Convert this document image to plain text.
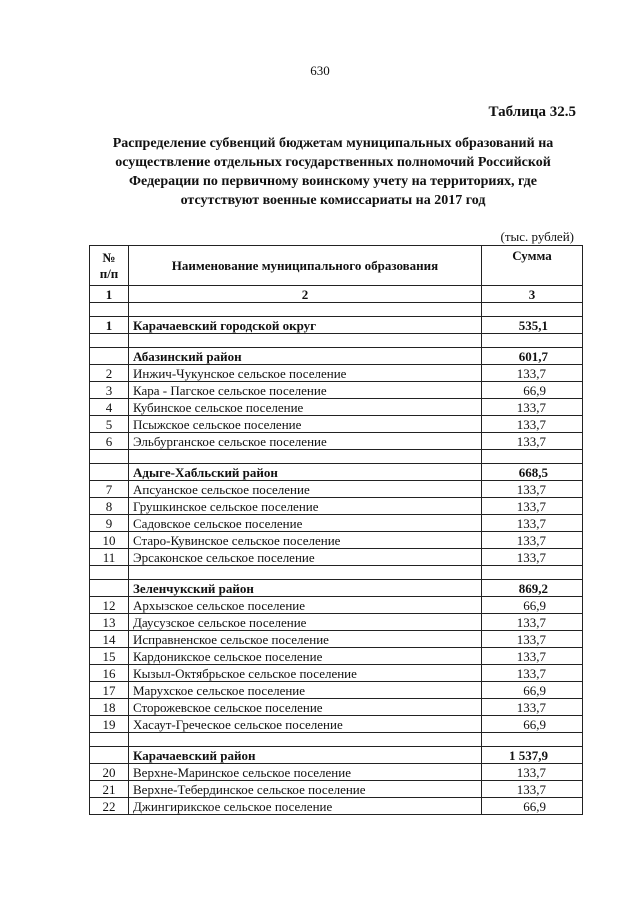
630
Таблица 32.5
Распределение субвенций бюджетам муниципальных образований на осуществление отдельных государственных полномочий Российской Федерации по первичному воинскому учету на территориях, где отсутствуют военные комиссариаты на 2017 год
(тыс. рублей)
№
п/п	Наименование муниципального образования	Сумма
1	2	3

1	Карачаевский городской округ	535,1

	Абазинский район	601,7
2	Инжич-Чукунское сельское поселение	133,7
3	Кара - Пагское сельское поселение	66,9
4	Кубинское сельское поселение	133,7
5	Псыжское сельское поселение	133,7
6	Эльбурганское сельское поселение	133,7

	Адыге-Хабльский район	668,5
7	Апсуанское сельское поселение	133,7
8	Грушкинское сельское поселение	133,7
9	Садовское сельское поселение	133,7
10	Старо-Кувинское сельское поселение	133,7
11	Эрсаконское сельское поселение	133,7

	Зеленчукский район	869,2
12	Архызское сельское поселение	66,9
13	Даусузское сельское поселение	133,7
14	Исправненское сельское поселение	133,7
15	Кардоникское сельское поселение	133,7
16	Кызыл-Октябрьское сельское поселение	133,7
17	Марухское сельское поселение	66,9
18	Сторожевское сельское поселение	133,7
19	Хасаут-Греческое сельское поселение	66,9

	Карачаевский район	1 537,9
20	Верхне-Маринское сельское поселение	133,7
21	Верхне-Тебердинское сельское поселение	133,7
22	Джингирикское сельское поселение	66,9
